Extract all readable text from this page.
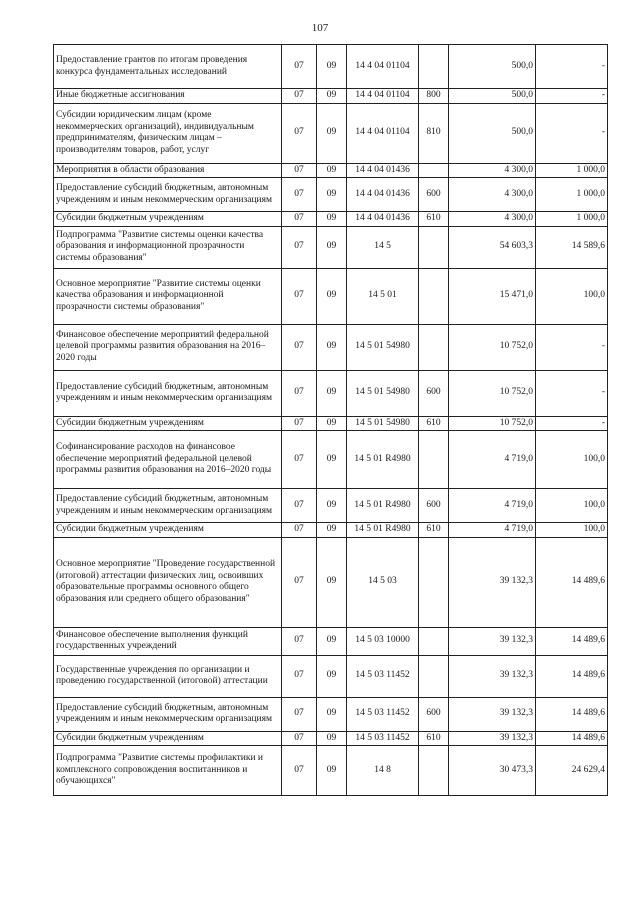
107
Предоставление грантов по итогам проведения конкурса фундаментальных исследований	07	09	14 4 04 01104		500,0	-
Иные бюджетные ассигнования	07	09	14 4 04 01104	800	500,0	-
Субсидии юридическим лицам (кроме некоммерческих организаций), индивидуальным предпринимателям, физическим лицам – производителям товаров, работ, услуг	07	09	14 4 04 01104	810	500,0	-
Мероприятия в области образования	07	09	14 4 04 01436		4 300,0	1 000,0
Предоставление субсидий бюджетным, автономным учреждениям и иным некоммерческим организациям	07	09	14 4 04 01436	600	4 300,0	1 000,0
Субсидии бюджетным учреждениям	07	09	14 4 04 01436	610	4 300,0	1 000,0
Подпрограмма "Развитие системы оценки качества образования и информационной прозрачности системы образования"	07	09	14 5		54 603,3	14 589,6
Основное мероприятие "Развитие системы оценки качества образования и информационной прозрачности системы образования"	07	09	14 5 01		15 471,0	100,0
Финансовое обеспечение мероприятий федеральной целевой программы развития образования на 2016–2020 годы	07	09	14 5 01 54980		10 752,0	-
Предоставление субсидий бюджетным, автономным учреждениям и иным некоммерческим организациям	07	09	14 5 01 54980	600	10 752,0	-
Субсидии бюджетным учреждениям	07	09	14 5 01 54980	610	10 752,0	-
Софинансирование расходов на финансовое обеспечение мероприятий федеральной целевой программы развития образования на 2016–2020 годы	07	09	14 5 01 R4980		4 719,0	100,0
Предоставление субсидий бюджетным, автономным учреждениям и иным некоммерческим организациям	07	09	14 5 01 R4980	600	4 719,0	100,0
Субсидии бюджетным учреждениям	07	09	14 5 01 R4980	610	4 719,0	100,0
Основное мероприятие "Проведение государственной (итоговой) аттестации физических лиц, освоивших образовательные программы основного общего образования или среднего общего образования"	07	09	14 5 03		39 132,3	14 489,6
Финансовое обеспечение выполнения функций государственных учреждений	07	09	14 5 03 10000		39 132,3	14 489,6
Государственные учреждения по организации и проведению государственной (итоговой) аттестации	07	09	14 5 03 11452		39 132,3	14 489,6
Предоставление субсидий бюджетным, автономным учреждениям и иным некоммерческим организациям	07	09	14 5 03 11452	600	39 132,3	14 489,6
Субсидии бюджетным учреждениям	07	09	14 5 03 11452	610	39 132,3	14 489,6
Подпрограмма "Развитие системы профилактики и комплексного сопровождения воспитанников и обучающихся"	07	09	14 8		30 473,3	24 629,4
